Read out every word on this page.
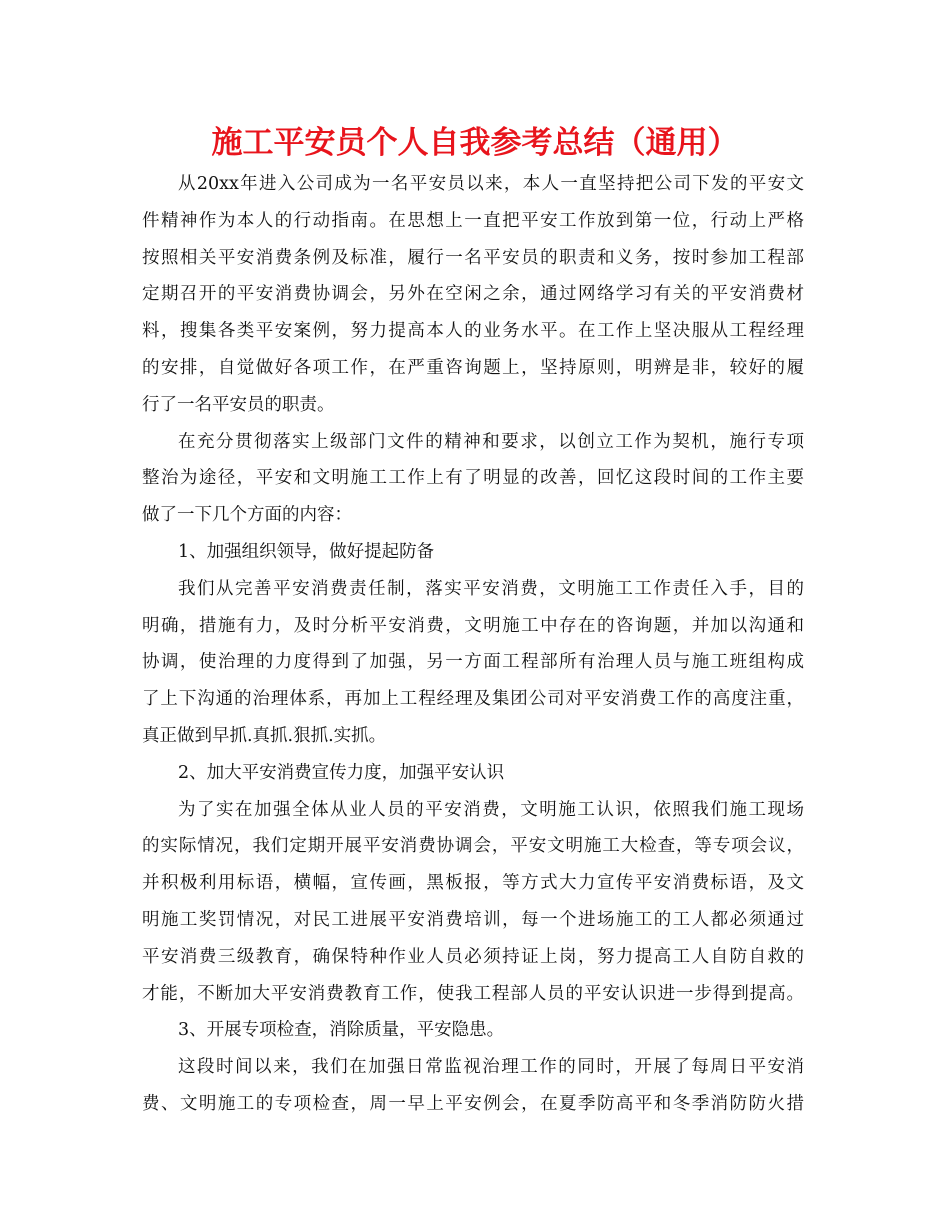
施工平安员个人自我参考总结（通用）
从20xx年进入公司成为一名平安员以来，本人一直坚持把公司下发的平安文
件精神作为本人的行动指南。在思想上一直把平安工作放到第一位，行动上严格
按照相关平安消费条例及标准，履行一名平安员的职责和义务，按时参加工程部
定期召开的平安消费协调会，另外在空闲之余，通过网络学习有关的平安消费材
料，搜集各类平安案例，努力提高本人的业务水平。在工作上坚决服从工程经理
的安排，自觉做好各项工作，在严重咨询题上，坚持原则，明辨是非，较好的履
行了一名平安员的职责。
在充分贯彻落实上级部门文件的精神和要求，以创立工作为契机，施行专项
整治为途径，平安和文明施工工作上有了明显的改善，回忆这段时间的工作主要
做了一下几个方面的内容：
1、加强组织领导，做好提起防备
我们从完善平安消费责任制，落实平安消费，文明施工工作责任入手，目的
明确，措施有力，及时分析平安消费，文明施工中存在的咨询题，并加以沟通和
协调，使治理的力度得到了加强，另一方面工程部所有治理人员与施工班组构成
了上下沟通的治理体系，再加上工程经理及集团公司对平安消费工作的高度注重，
真正做到早抓.真抓.狠抓.实抓。
2、加大平安消费宣传力度，加强平安认识
为了实在加强全体从业人员的平安消费，文明施工认识，依照我们施工现场
的实际情况，我们定期开展平安消费协调会，平安文明施工大检查，等专项会议，
并积极利用标语，横幅，宣传画，黑板报，等方式大力宣传平安消费标语，及文
明施工奖罚情况，对民工进展平安消费培训，每一个进场施工的工人都必须通过
平安消费三级教育，确保特种作业人员必须持证上岗，努力提高工人自防自救的
才能，不断加大平安消费教育工作，使我工程部人员的平安认识进一步得到提高。
3、开展专项检查，消除质量，平安隐患。
这段时间以来，我们在加强日常监视治理工作的同时，开展了每周日平安消
费、文明施工的专项检查，周一早上平安例会，在夏季防高平和冬季消防防火措
